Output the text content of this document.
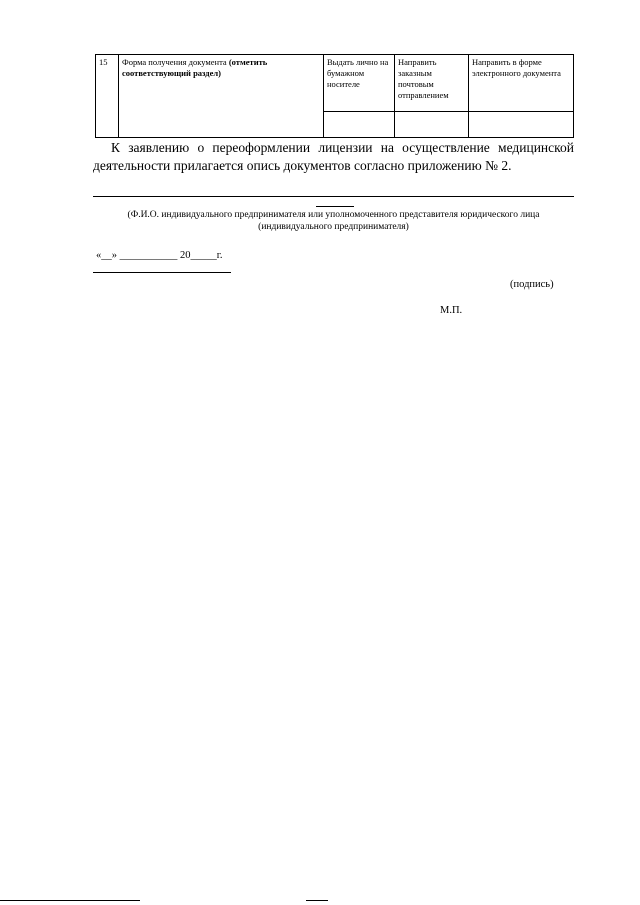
15	Форма получения документа (отметить соответствующий раздел)	Выдать лично на бумажном носителе	Направить заказным почтовым отправлением	Направить в форме электронного документа

К заявлению о переоформлении лицензии на осуществление медицинской деятельности прилагается опись документов согласно приложению № 2.
(Ф.И.О. индивидуального предпринимателя или уполномоченного представителя юридического лица
(индивидуального предпринимателя)
«__» ___________ 20_____г.
(подпись)
М.П.
